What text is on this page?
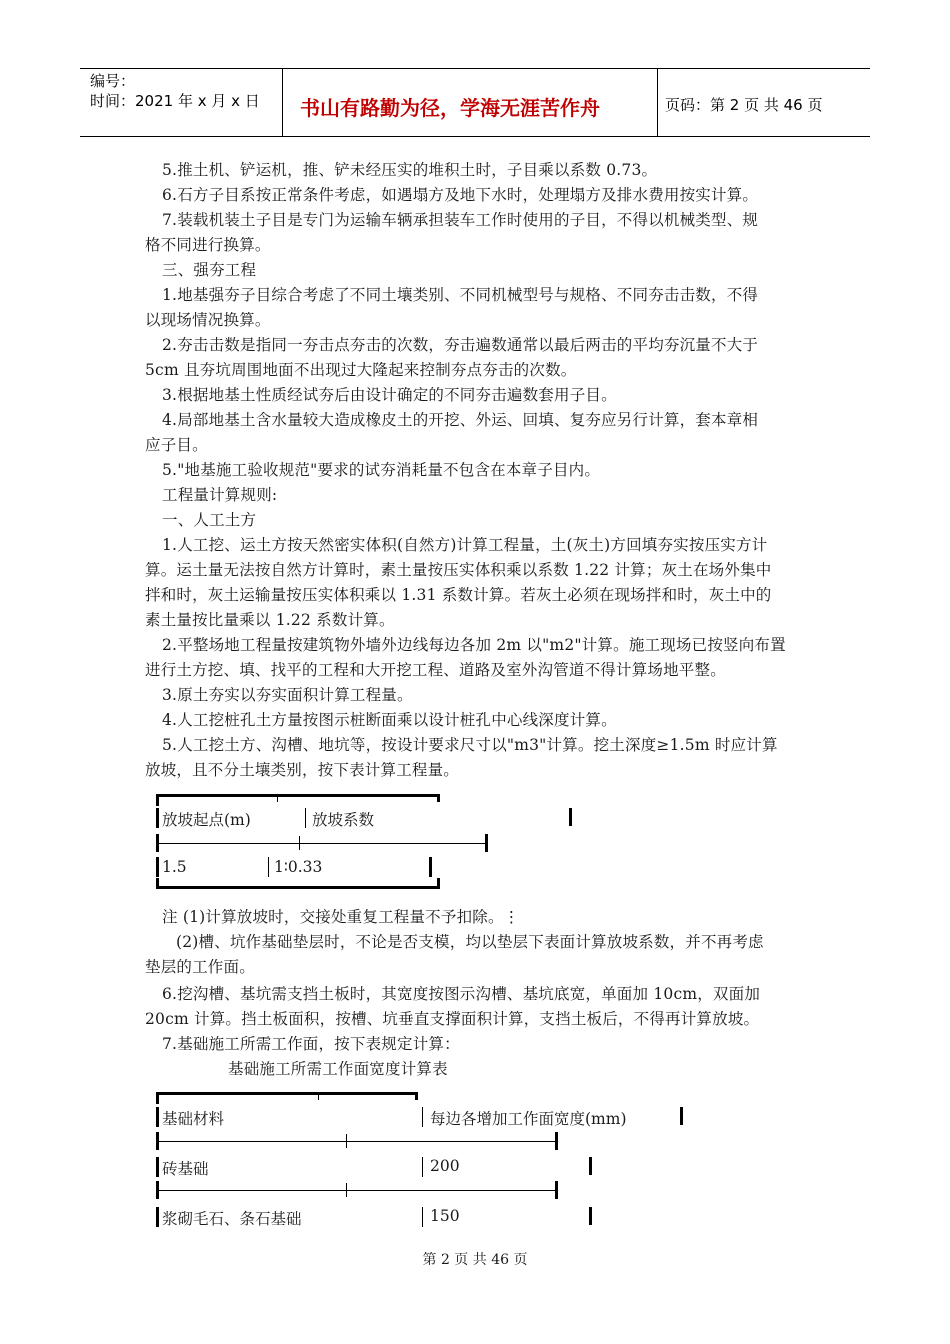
编号：
时间：2021 年 x 月 x 日 书山有路勤为径，学海无涯苦作舟	页码：第 2 页 共 46 页
5.推土机、铲运机，推、铲未经压实的堆积土时，子目乘以系数 0.73。
6.石方子目系按正常条件考虑，如遇塌方及地下水时，处理塌方及排水费用按实计算。
7.装载机装土子目是专门为运输车辆承担装车工作时使用的子目，不得以机械类型、规
格不同进行换算。
三、强夯工程
1.地基强夯子目综合考虑了不同土壤类别、不同机械型号与规格、不同夯击击数，不得
以现场情况换算。
2.夯击击数是指同一夯击点夯击的次数，夯击遍数通常以最后两击的平均夯沉量不大于
5cm 且夯坑周围地面不出现过大隆起来控制夯点夯击的次数。
3.根据地基土性质经试夯后由设计确定的不同夯击遍数套用子目。
4.局部地基土含水量较大造成橡皮土的开挖、外运、回填、复夯应另行计算，套本章相
应子目。
5."地基施工验收规范"要求的试夯消耗量不包含在本章子目内。
工程量计算规则:
一、人工土方
1.人工挖、运土方按天然密实体积(自然方)计算工程量，土(灰土)方回填夯实按压实方计
算。运土量无法按自然方计算时，素土量按压实体积乘以系数 1.22 计算；灰土在场外集中
拌和时，灰土运输量按压实体积乘以 1.31 系数计算。若灰土必须在现场拌和时，灰土中的
素土量按比量乘以 1.22 系数计算。
2.平整场地工程量按建筑物外墙外边线每边各加 2m 以"m2"计算。施工现场已按竖向布置
进行土方挖、填、找平的工程和大开挖工程、道路及室外沟管道不得计算场地平整。
3.原土夯实以夯实面积计算工程量。
4.人工挖桩孔土方量按图示桩断面乘以设计桩孔中心线深度计算。
5.人工挖土方、沟槽、地坑等，按设计要求尺寸以"m3"计算。挖土深度≥1.5m 时应计算
放坡，且不分土壤类别，按下表计算工程量。
放坡起点(m)	放坡系数
1.5	1∶0.33
注 (1)计算放坡时，交接处重复工程量不予扣除。⋮
(2)槽、坑作基础垫层时，不论是否支模，均以垫层下表面计算放坡系数，并不再考虑
垫层的工作面。
6.挖沟槽、基坑需支挡土板时，其宽度按图示沟槽、基坑底宽，单面加 10cm，双面加
20cm 计算。挡土板面积，按槽、坑垂直支撑面积计算，支挡土板后，不得再计算放坡。
7.基础施工所需工作面，按下表规定计算：
基础施工所需工作面宽度计算表
基础材料	每边各增加工作面宽度(mm)
砖基础	200
浆砌毛石、条石基础	150
第 2 页 共 46 页
